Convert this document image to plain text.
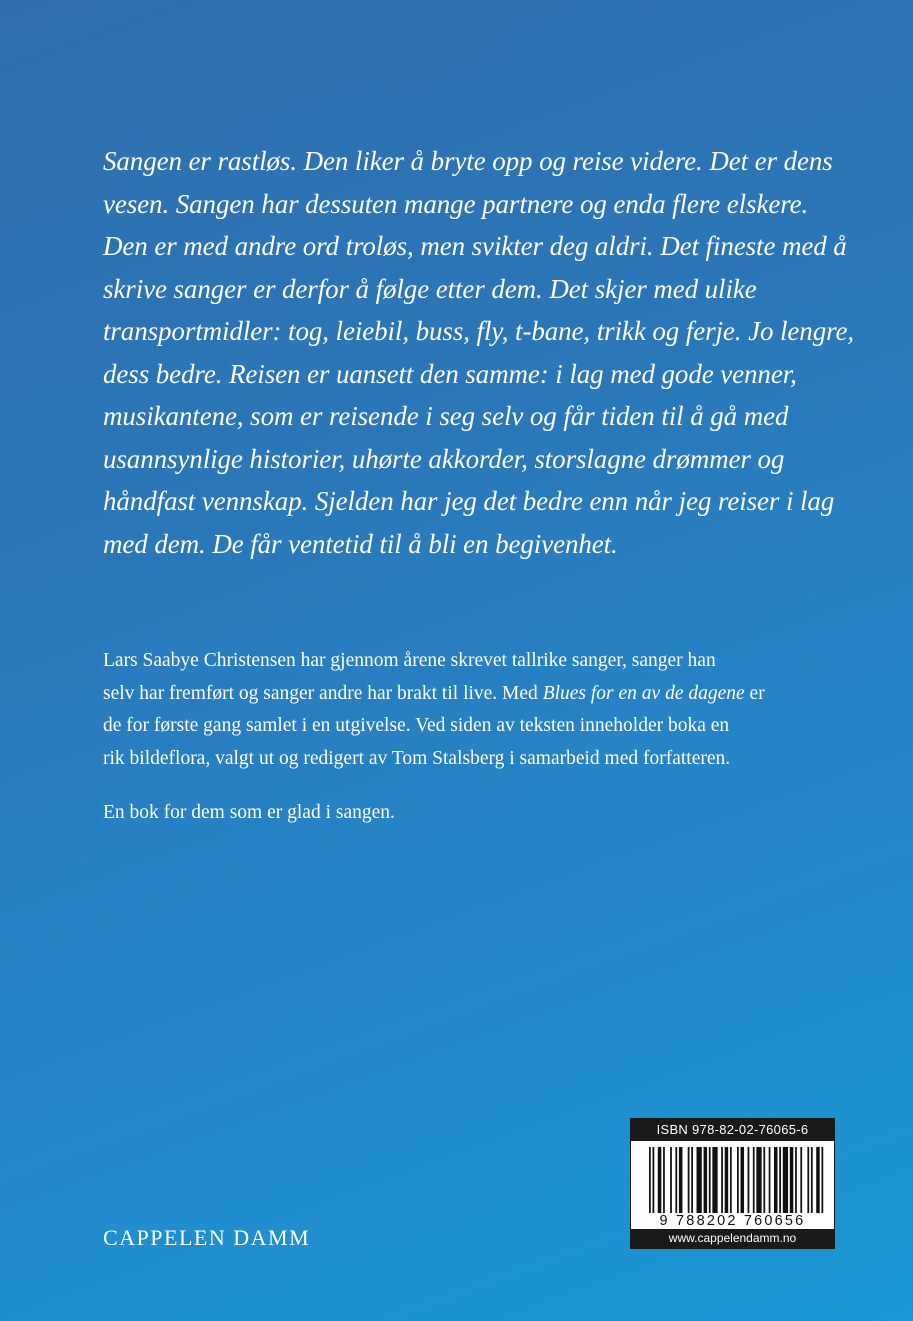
Sangen er rastløs. Den liker å bryte opp og reise videre. Det er dens
vesen. Sangen har dessuten mange partnere og enda flere elskere.
Den er med andre ord troløs, men svikter deg aldri. Det fineste med å
skrive sanger er derfor å følge etter dem. Det skjer med ulike
transportmidler: tog, leiebil, buss, fly, t-bane, trikk og ferje. Jo lengre,
dess bedre. Reisen er uansett den samme: i lag med gode venner,
musikantene, som er reisende i seg selv og får tiden til å gå med
usannsynlige historier, uhørte akkorder, storslagne drømmer og
håndfast vennskap. Sjelden har jeg det bedre enn når jeg reiser i lag
med dem. De får ventetid til å bli en begivenhet.
Lars Saabye Christensen har gjennom årene skrevet tallrike sanger, sanger han
selv har fremført og sanger andre har brakt til live. Med Blues for en av de dagene er
de for første gang samlet i en utgivelse. Ved siden av teksten inneholder boka en
rik bildeflora, valgt ut og redigert av Tom Stalsberg i samarbeid med forfatteren.
En bok for dem som er glad i sangen.
CAPPELEN DAMM
ISBN 978-82-02-76065-6
9 788202 760656
www.cappelendamm.no
